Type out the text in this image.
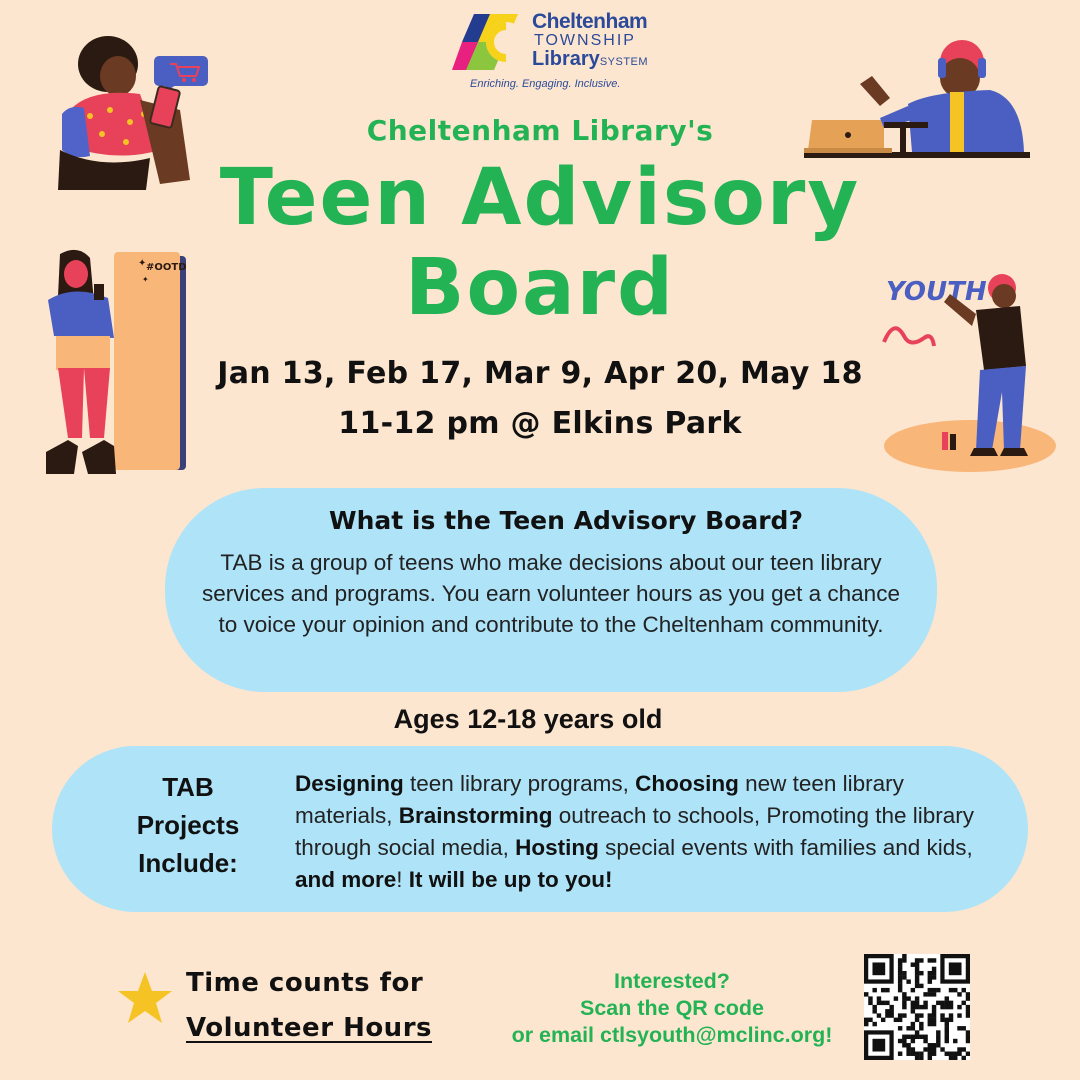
Cheltenham
TOWNSHIP
LibrarySYSTEM
Enriching. Engaging. Inclusive.
#OOTD
✦
✦	YOUTH
Cheltenham Library's
Teen Advisory
Board
Jan 13, Feb 17, Mar 9, Apr 20, May 18
11-12 pm @ Elkins Park
What is the Teen Advisory Board?
TAB is a group of teens who make decisions about our teen library services and programs. You earn volunteer hours as you get a chance to voice your opinion and contribute to the Cheltenham community.
Ages 12-18 years old
TAB
Projects
Include:
Designing teen library programs, Choosing new teen library materials, Brainstorming outreach to schools, Promoting the library through social media, Hosting special events with families and kids, and more! It will be up to you!
Time counts for
Volunteer Hours
Interested?
Scan the QR code
or email ctlsyouth@mclinc.org!
